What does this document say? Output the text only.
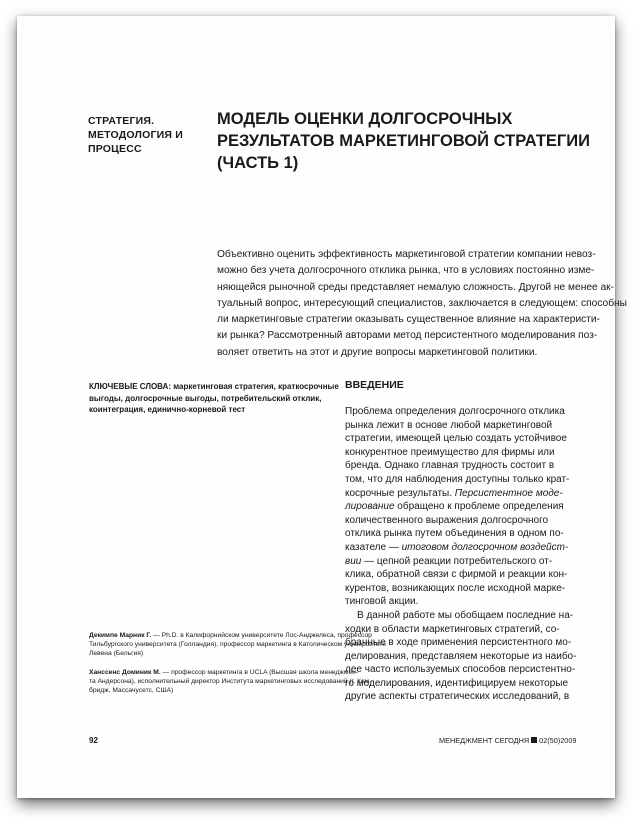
СТРАТЕГИЯ.
МЕТОДОЛОГИЯ И
ПРОЦЕСС
МОДЕЛЬ ОЦЕНКИ ДОЛГОСРОЧНЫХ
РЕЗУЛЬТАТОВ МАРКЕТИНГОВОЙ СТРАТЕГИИ
(ЧАСТЬ 1)
Объективно оценить эффективность маркетинговой стратегии компании невоз-
можно без учета долгосрочного отклика рынка, что в условиях постоянно изме-
няющейся рыночной среды представляет немалую сложность. Другой не менее ак-
туальный вопрос, интересующий специалистов, заключается в следующем: способны
ли маркетинговые стратегии оказывать существенное влияние на характеристи-
ки рынка? Рассмотренный авторами метод персистентного моделирования поз-
воляет ответить на этот и другие вопросы маркетинговой политики.
КЛЮЧЕВЫЕ СЛОВА: маркетинговая стратегия, краткосрочные
выгоды, долгосрочные выгоды, потребительский отклик,
коинтеграция, единично-корневой тест
ВВЕДЕНИЕ
Проблема определения долгосрочного отклика
рынка лежит в основе любой маркетинговой
стратегии, имеющей целью создать устойчивое
конкурентное преимущество для фирмы или
бренда. Однако главная трудность состоит в
том, что для наблюдения доступны только крат-
косрочные результаты. Персистентное моде-
лирование обращено к проблеме определения
количественного выражения долгосрочного
отклика рынка путем объединения в одном по-
казателе — итоговом долгосрочном воздейст-
вии — цепной реакции потребительского от-
клика, обратной связи с фирмой и реакции кон-
курентов, возникающих после исходной марке-
тинговой акции.
В данной работе мы обобщаем последние на-
ходки в области маркетинговых стратегий, со-
бранные в ходе применения персистентного мо-
делирования, представляем некоторые из наибо-
лее часто используемых способов персистентно-
го моделирования, идентифицируем некоторые
другие аспекты стратегических исследований, в
Декимпе Марник Г. — Ph.D. в Калифорнийском университете Лос-Анджелеса, профессор
Тильбургского университета (Голландия), профессор маркетинга в Католическом университете
Левена (Бельгия)
Хансcенс Доминик М. — профессор маркетинга в UCLA (Высшая школа менеджмен-
та Андерсона), исполнительный директор Института маркетинговых исследований (г. Кем-
бридж, Массачусетс, США)
92	МЕНЕДЖМЕНТ СЕГОДНЯ 02(50)2009
